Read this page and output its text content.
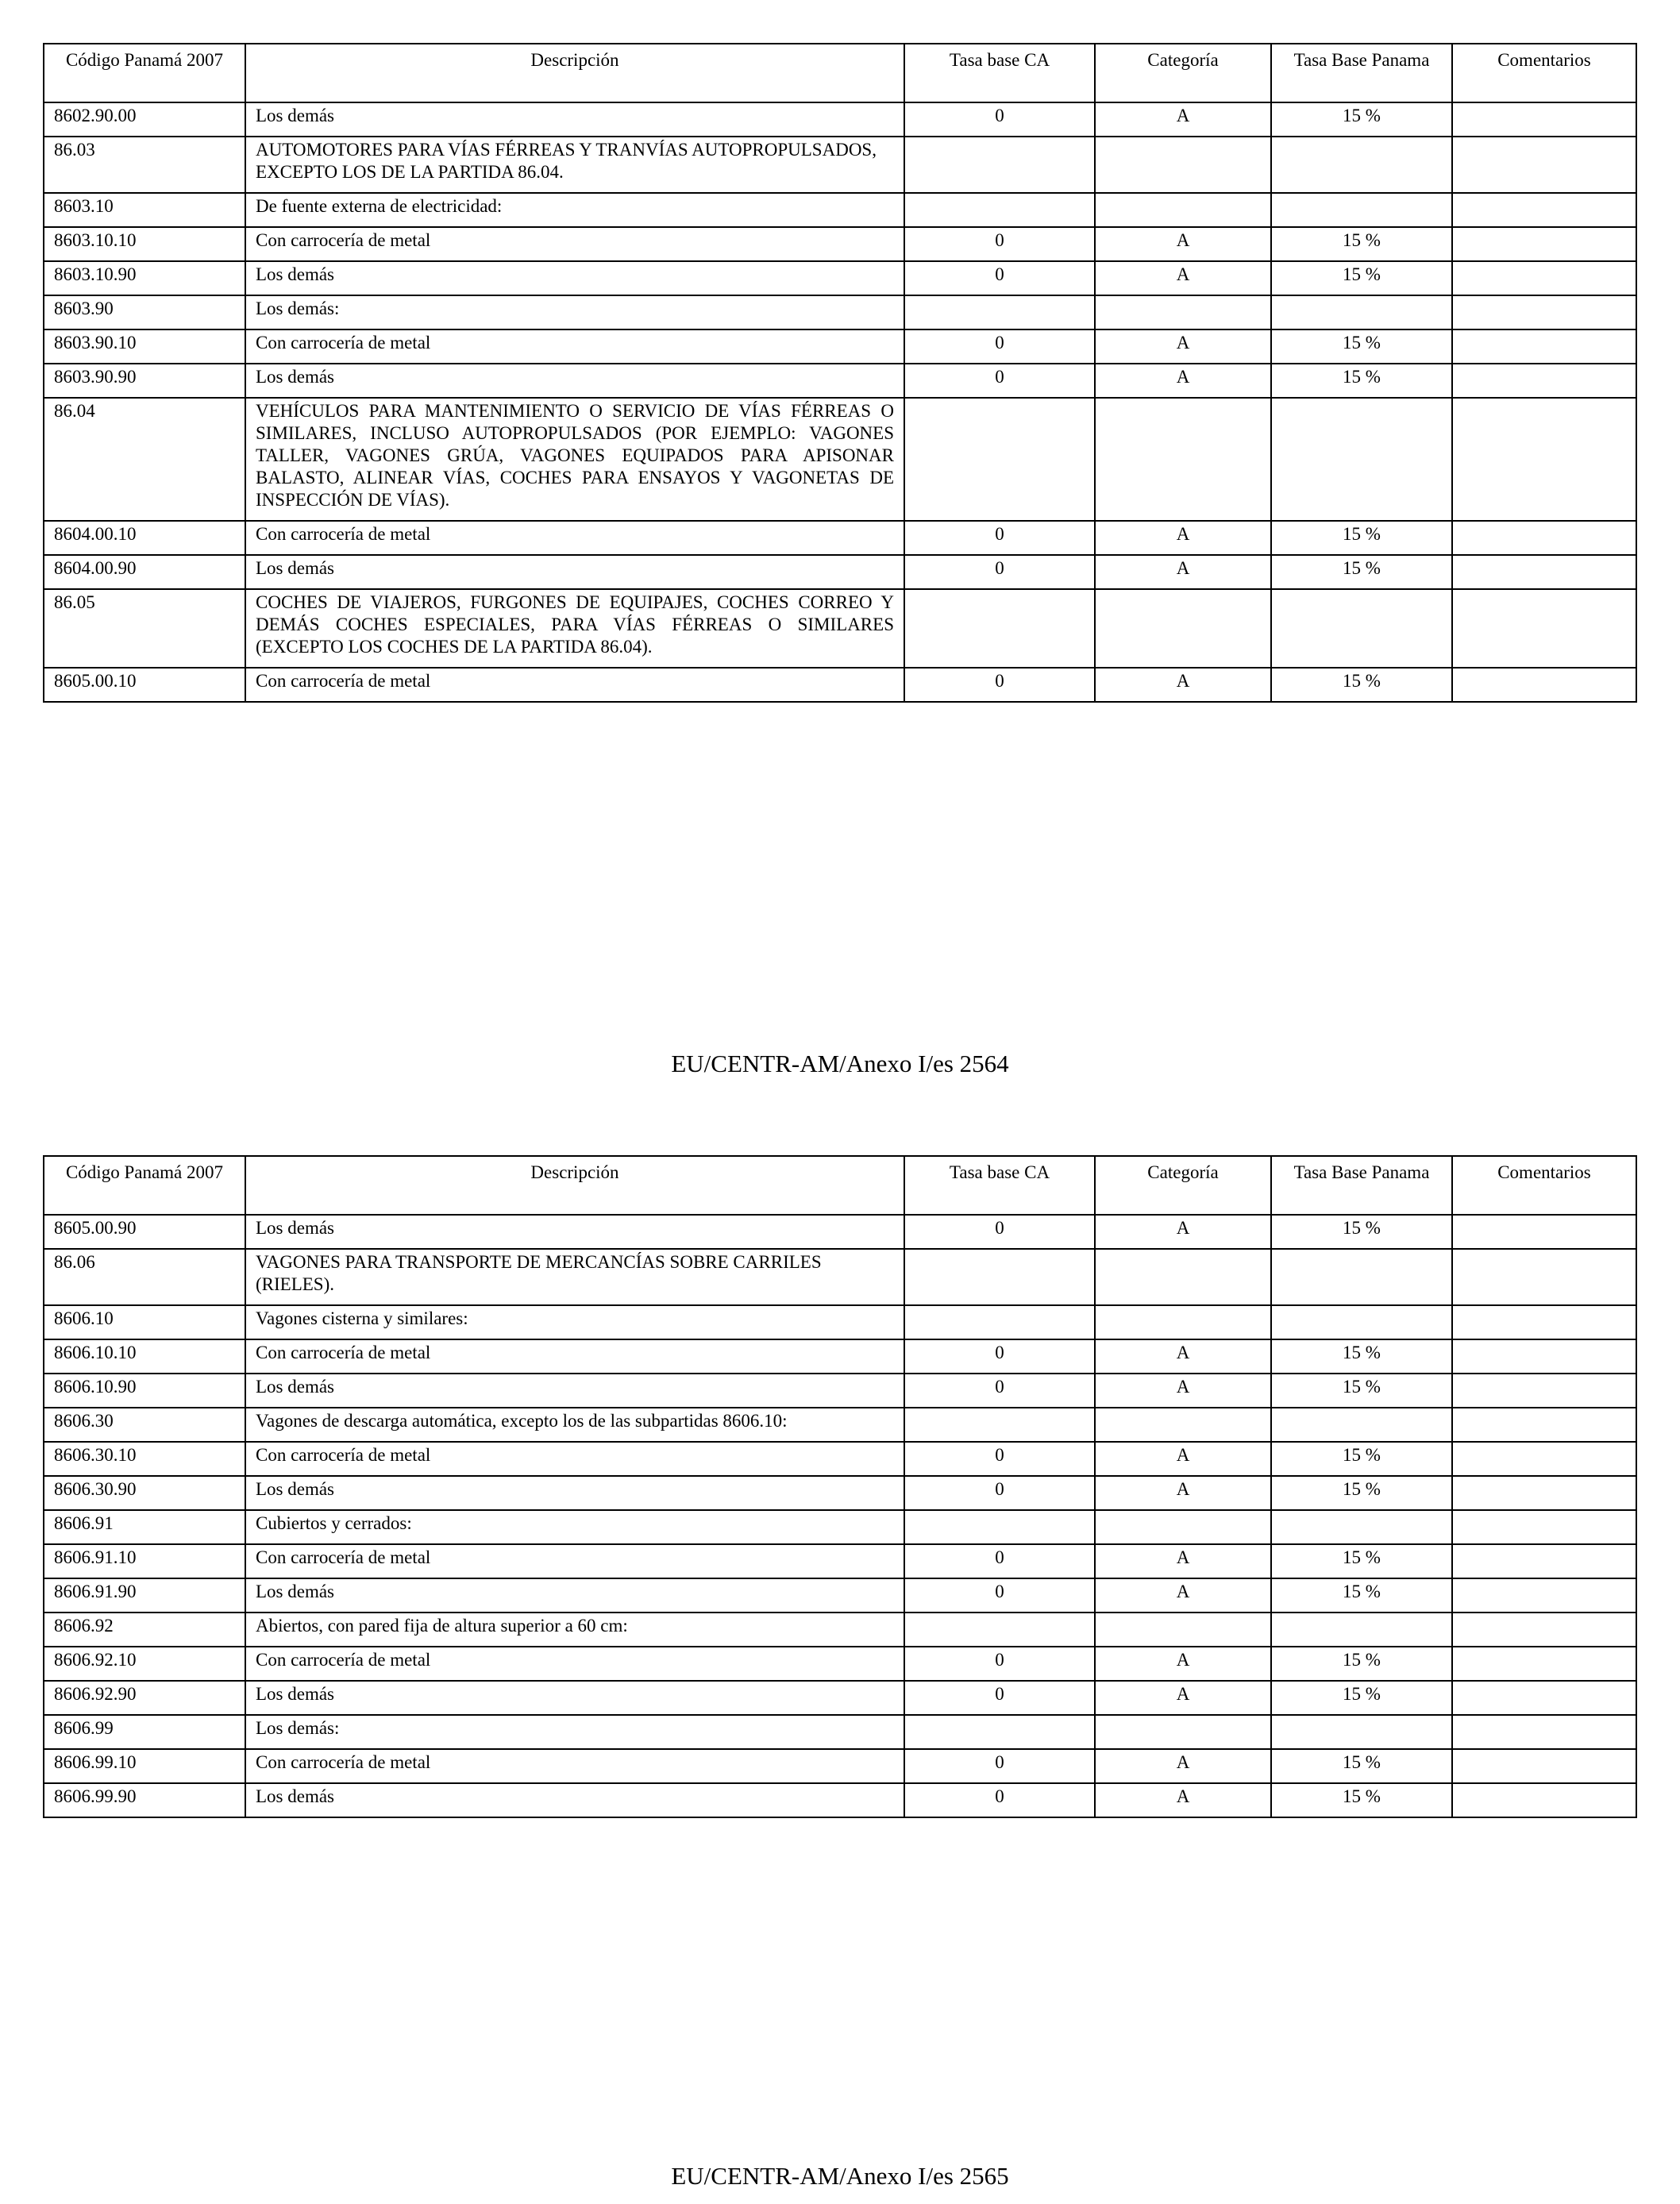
Código Panamá 2007	Descripción	Tasa base CA	Categoría	Tasa Base Panama	Comentarios
8602.90.00	Los demás	0	A	15 %	
86.03	AUTOMOTORES PARA VÍAS FÉRREAS Y TRANVÍAS AUTOPROPULSADOS, EXCEPTO LOS DE LA PARTIDA 86.04.				
8603.10	De fuente externa de electricidad:				
8603.10.10	Con carrocería de metal	0	A	15 %	
8603.10.90	Los demás	0	A	15 %	
8603.90	Los demás:				
8603.90.10	Con carrocería de metal	0	A	15 %	
8603.90.90	Los demás	0	A	15 %	
86.04	VEHÍCULOS PARA MANTENIMIENTO O SERVICIO DE VÍAS FÉRREAS O SIMILARES, INCLUSO AUTOPROPULSADOS (POR EJEMPLO: VAGONES TALLER, VAGONES GRÚA, VAGONES EQUIPADOS PARA APISONAR BALASTO, ALINEAR VÍAS, COCHES PARA ENSAYOS Y VAGONETAS DE INSPECCIÓN DE VÍAS).				
8604.00.10	Con carrocería de metal	0	A	15 %	
8604.00.90	Los demás	0	A	15 %	
86.05	COCHES DE VIAJEROS, FURGONES DE EQUIPAJES, COCHES CORREO Y DEMÁS COCHES ESPECIALES, PARA VÍAS FÉRREAS O SIMILARES (EXCEPTO LOS COCHES DE LA PARTIDA 86.04).				
8605.00.10	Con carrocería de metal	0	A	15 %	
EU/CENTR-AM/Anexo I/es 2564
Código Panamá 2007	Descripción	Tasa base CA	Categoría	Tasa Base Panama	Comentarios
8605.00.90	Los demás	0	A	15 %	
86.06	VAGONES PARA TRANSPORTE DE MERCANCÍAS SOBRE CARRILES (RIELES).				
8606.10	Vagones cisterna y similares:				
8606.10.10	Con carrocería de metal	0	A	15 %	
8606.10.90	Los demás	0	A	15 %	
8606.30	Vagones de descarga automática, excepto los de las subpartidas 8606.10:				
8606.30.10	Con carrocería de metal	0	A	15 %	
8606.30.90	Los demás	0	A	15 %	
8606.91	Cubiertos y cerrados:				
8606.91.10	Con carrocería de metal	0	A	15 %	
8606.91.90	Los demás	0	A	15 %	
8606.92	Abiertos, con pared fija de altura superior a 60 cm:				
8606.92.10	Con carrocería de metal	0	A	15 %	
8606.92.90	Los demás	0	A	15 %	
8606.99	Los demás:				
8606.99.10	Con carrocería de metal	0	A	15 %	
8606.99.90	Los demás	0	A	15 %	
EU/CENTR-AM/Anexo I/es 2565
